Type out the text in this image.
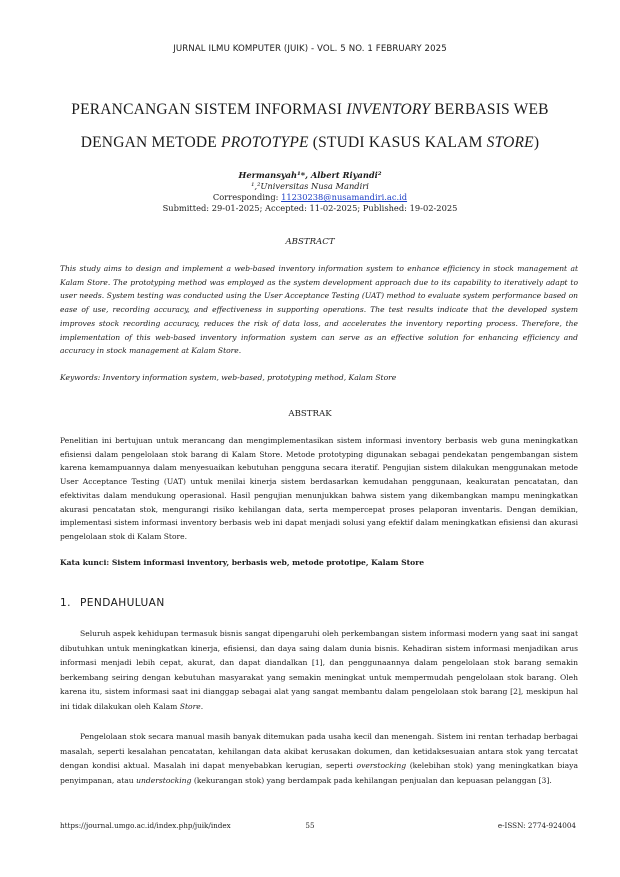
JURNAL ILMU KOMPUTER (JUIK) - VOL. 5 NO. 1 FEBRUARY 2025
PERANCANGAN SISTEM INFORMASI INVENTORY BERBASIS WEB
DENGAN METODE PROTOTYPE (STUDI KASUS KALAM STORE)
Hermansyah¹*, Albert Riyandi²
¹,²Universitas Nusa Mandiri
Corresponding: 11230238@nusamandiri.ac.id
Submitted: 29-01-2025; Accepted: 11-02-2025; Published: 19-02-2025
ABSTRACT

This study aims to design and implement a web-based inventory information system to enhance efficiency in stock management at Kalam Store. The prototyping method was employed as the system development approach due to its capability to iteratively adapt to user needs. System testing was conducted using the User Acceptance Testing (UAT) method to evaluate system performance based on ease of use, recording accuracy, and effectiveness in supporting operations. The test results indicate that the developed system improves stock recording accuracy, reduces the risk of data loss, and accelerates the inventory reporting process. Therefore, the implementation of this web-based inventory information system can serve as an effective solution for enhancing efficiency and accuracy in stock management at Kalam Store.

Keywords: Inventory information system, web-based, prototyping method, Kalam Store
ABSTRAK

Penelitian ini bertujuan untuk merancang dan mengimplementasikan sistem informasi inventory berbasis web guna meningkatkan efisiensi dalam pengelolaan stok barang di Kalam Store. Metode prototyping digunakan sebagai pendekatan pengembangan sistem karena kemampuannya dalam menyesuaikan kebutuhan pengguna secara iteratif. Pengujian sistem dilakukan menggunakan metode User Acceptance Testing (UAT) untuk menilai kinerja sistem berdasarkan kemudahan penggunaan, keakuratan pencatatan, dan efektivitas dalam mendukung operasional. Hasil pengujian menunjukkan bahwa sistem yang dikembangkan mampu meningkatkan akurasi pencatatan stok, mengurangi risiko kehilangan data, serta mempercepat proses pelaporan inventaris. Dengan demikian, implementasi sistem informasi inventory berbasis web ini dapat menjadi solusi yang efektif dalam meningkatkan efisiensi dan akurasi pengelolaan stok di Kalam Store.

Kata kunci: Sistem informasi inventory, berbasis web, metode prototipe, Kalam Store
1. PENDAHULUAN

Seluruh aspek kehidupan termasuk bisnis sangat dipengaruhi oleh perkembangan sistem informasi modern yang saat ini sangat dibutuhkan untuk meningkatkan kinerja, efisiensi, dan daya saing dalam dunia bisnis. Kehadiran sistem informasi menjadikan arus informasi menjadi lebih cepat, akurat, dan dapat diandalkan [1], dan penggunaannya dalam pengelolaan stok barang semakin berkembang seiring dengan kebutuhan masyarakat yang semakin meningkat untuk mempermudah pengelolaan stok barang. Oleh karena itu, sistem informasi saat ini dianggap sebagai alat yang sangat membantu dalam pengelolaan stok barang [2], meskipun hal ini tidak dilakukan oleh Kalam Store.

Pengelolaan stok secara manual masih banyak ditemukan pada usaha kecil dan menengah. Sistem ini rentan terhadap berbagai masalah, seperti kesalahan pencatatan, kehilangan data akibat kerusakan dokumen, dan ketidaksesuaian antara stok yang tercatat dengan kondisi aktual. Masalah ini dapat menyebabkan kerugian, seperti overstocking (kelebihan stok) yang meningkatkan biaya penyimpanan, atau understocking (kekurangan stok) yang berdampak pada kehilangan penjualan dan kepuasan pelanggan [3].

https://journal.umgo.ac.id/index.php/juik/index	55	e-ISSN: 2774-924004
